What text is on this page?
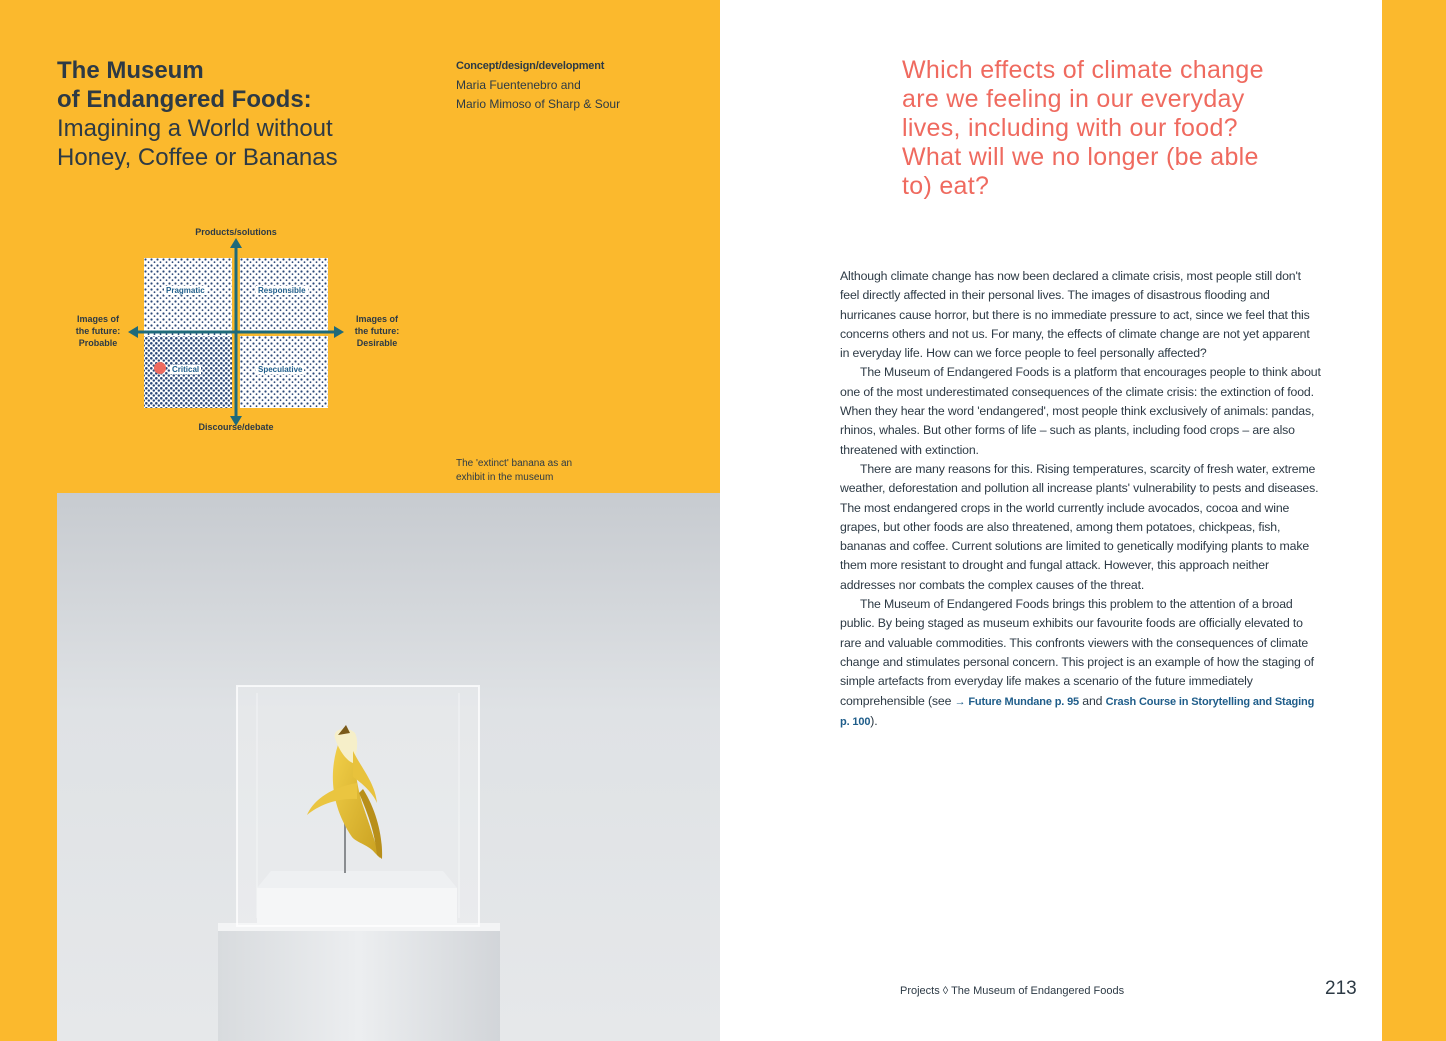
The Museum
of Endangered Foods:
Imagining a World without
Honey, Coffee or Bananas
Concept/design/development
Maria Fuentenebro and
Mario Mimoso of Sharp & Sour
Products/solutions
Discourse/debate
Images of
the future:
Probable
Images of
the future:
Desirable
Pragmatic	Responsible
Critical	Speculative
The 'extinct' banana as an
exhibit in the museum
Which effects of climate change
are we feeling in our everyday
lives, including with our food?
What will we no longer (be able
to) eat?

Although climate change has now been declared a climate crisis, most people still don't feel directly affected in their personal lives. The images of disastrous flooding and hurricanes cause horror, but there is no immediate pressure to act, since we feel that this concerns others and not us. For many, the effects of climate change are not yet apparent in everyday life. How can we force people to feel personally affected?

The Museum of Endangered Foods is a platform that encourages people to think about one of the most underestimated consequences of the climate crisis: the extinction of food. When they hear the word 'endangered', most people think exclusively of animals: pandas, rhinos, whales. But other forms of life – such as plants, including food crops – are also threatened with extinction.

There are many reasons for this. Rising temperatures, scarcity of fresh water, extreme weather, deforestation and pollution all increase plants' vulnerability to pests and diseases. The most endangered crops in the world currently include avocados, cocoa and wine grapes, but other foods are also threatened, among them potatoes, chickpeas, fish, bananas and coffee. Current solutions are limited to genetically modifying plants to make them more resistant to drought and fungal attack. However, this approach neither addresses nor combats the complex causes of the threat.

The Museum of Endangered Foods brings this problem to the attention of a broad public. By being staged as museum exhibits our favourite foods are officially elevated to rare and valuable commodities. This confronts viewers with the consequences of climate change and stimulates personal concern. This project is an example of how the staging of simple artefacts from everyday life makes a scenario of the future immediately comprehensible (see → Future Mundane p. 95 and Crash Course in Storytelling and Staging p. 100).

Projects ◊ The Museum of Endangered Foods	213
